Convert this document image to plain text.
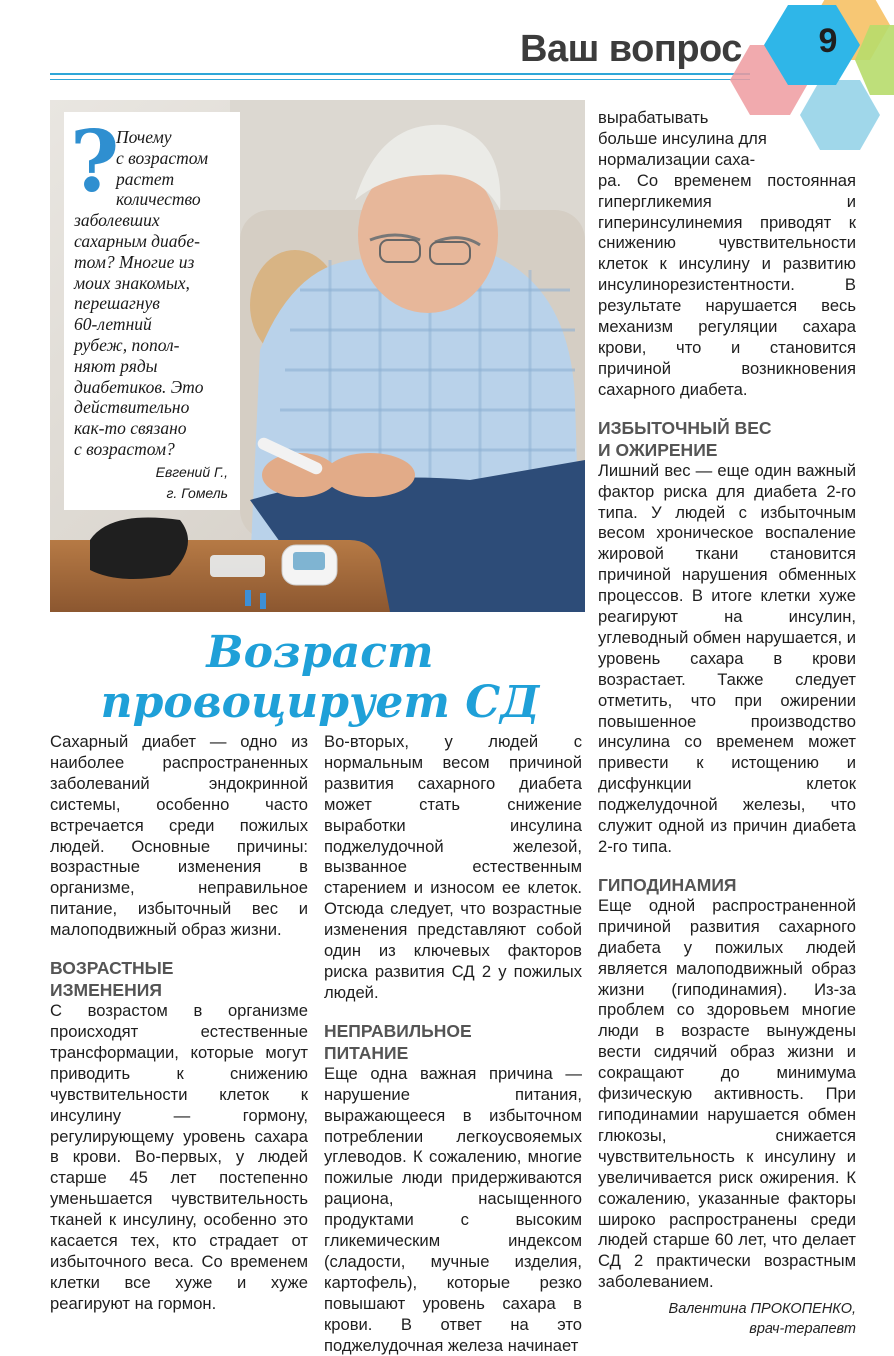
Ваш вопрос	9
?
Почему
с возрастом
растет
количество
заболевших
сахарным диабе-
том? Многие из
моих знакомых,
перешагнув
60-летний
рубеж, попол-
няют ряды
диабетиков. Это
действительно
как-то связано
с возрастом?
Евгений Г.,
г. Гомель
Возраст
провоцирует СД

Сахарный диабет — одно из наиболее распространенных заболеваний эндокринной системы, особенно часто встречается среди пожилых людей. Основные причины: возрастные изменения в организме, неправильное питание, избыточный вес и малоподвижный образ жизни.

ВОЗРАСТНЫЕ
ИЗМЕНЕНИЯ

С возрастом в организме происходят естественные трансформации, которые могут приводить к снижению чувствительности клеток к инсулину — гормону, регулирующему уровень сахара в крови. Во-первых, у людей старше 45 лет постепенно уменьшается чувствительность тканей к инсулину, особенно это касается тех, кто страдает от избыточного веса. Со временем клетки все хуже и хуже реагируют на гормон.

Во-вторых, у людей с нормальным весом причиной развития сахарного диабета может стать снижение выработки инсулина поджелудочной железой, вызванное естественным старением и износом ее клеток. Отсюда следует, что возрастные изменения представляют собой один из ключевых факторов риска развития СД 2 у пожилых людей.

НЕПРАВИЛЬНОЕ
ПИТАНИЕ

Еще одна важная причина — нарушение питания, выражающееся в избыточном потреблении легкоусвояемых углеводов. К сожалению, многие пожилые люди придерживаются рациона, насыщенного продуктами с высоким гликемическим индексом (сладости, мучные изделия, картофель), которые резко повышают уровень сахара в крови. В ответ на это поджелудочная железа начинает

вырабатывать
больше инсулина для
нормализации сaха-

ра. Со временем постоянная гипергликемия и гиперинсулинемия приводят к снижению чувствительности клеток к инсулину и развитию инсулинорезистентности. В результате нарушается весь механизм регуляции сахара крови, что и становится причиной возникновения сахарного диабета.

ИЗБЫТОЧНЫЙ ВЕС
И ОЖИРЕНИЕ

Лишний вес — еще один важный фактор риска для диабета 2-го типа. У людей с избыточным весом хроническое воспаление жировой ткани становится причиной нарушения обменных процессов. В итоге клетки хуже реагируют на инсулин, углеводный обмен нарушается, и уровень сахара в крови возрастает. Также следует отметить, что при ожирении повышенное производство инсулина со временем может привести к истощению и дисфункции клеток поджелудочной железы, что служит одной из причин диабета 2-го типа.

ГИПОДИНАМИЯ

Еще одной распространенной причиной развития сахарного диабета у пожилых людей является малоподвижный образ жизни (гиподинамия). Из-за проблем со здоровьем многие люди в возрасте вынуждены вести сидячий образ жизни и сокращают до минимума физическую активность. При гиподинамии нарушается обмен глюкозы, снижается чувствительность к инсулину и увеличивается риск ожирения. К сожалению, указанные факторы широко распространены среди людей старше 60 лет, что делает СД 2 практически возрастным заболеванием.

Валентина ПРОКОПЕНКО,
врач-терапевт
